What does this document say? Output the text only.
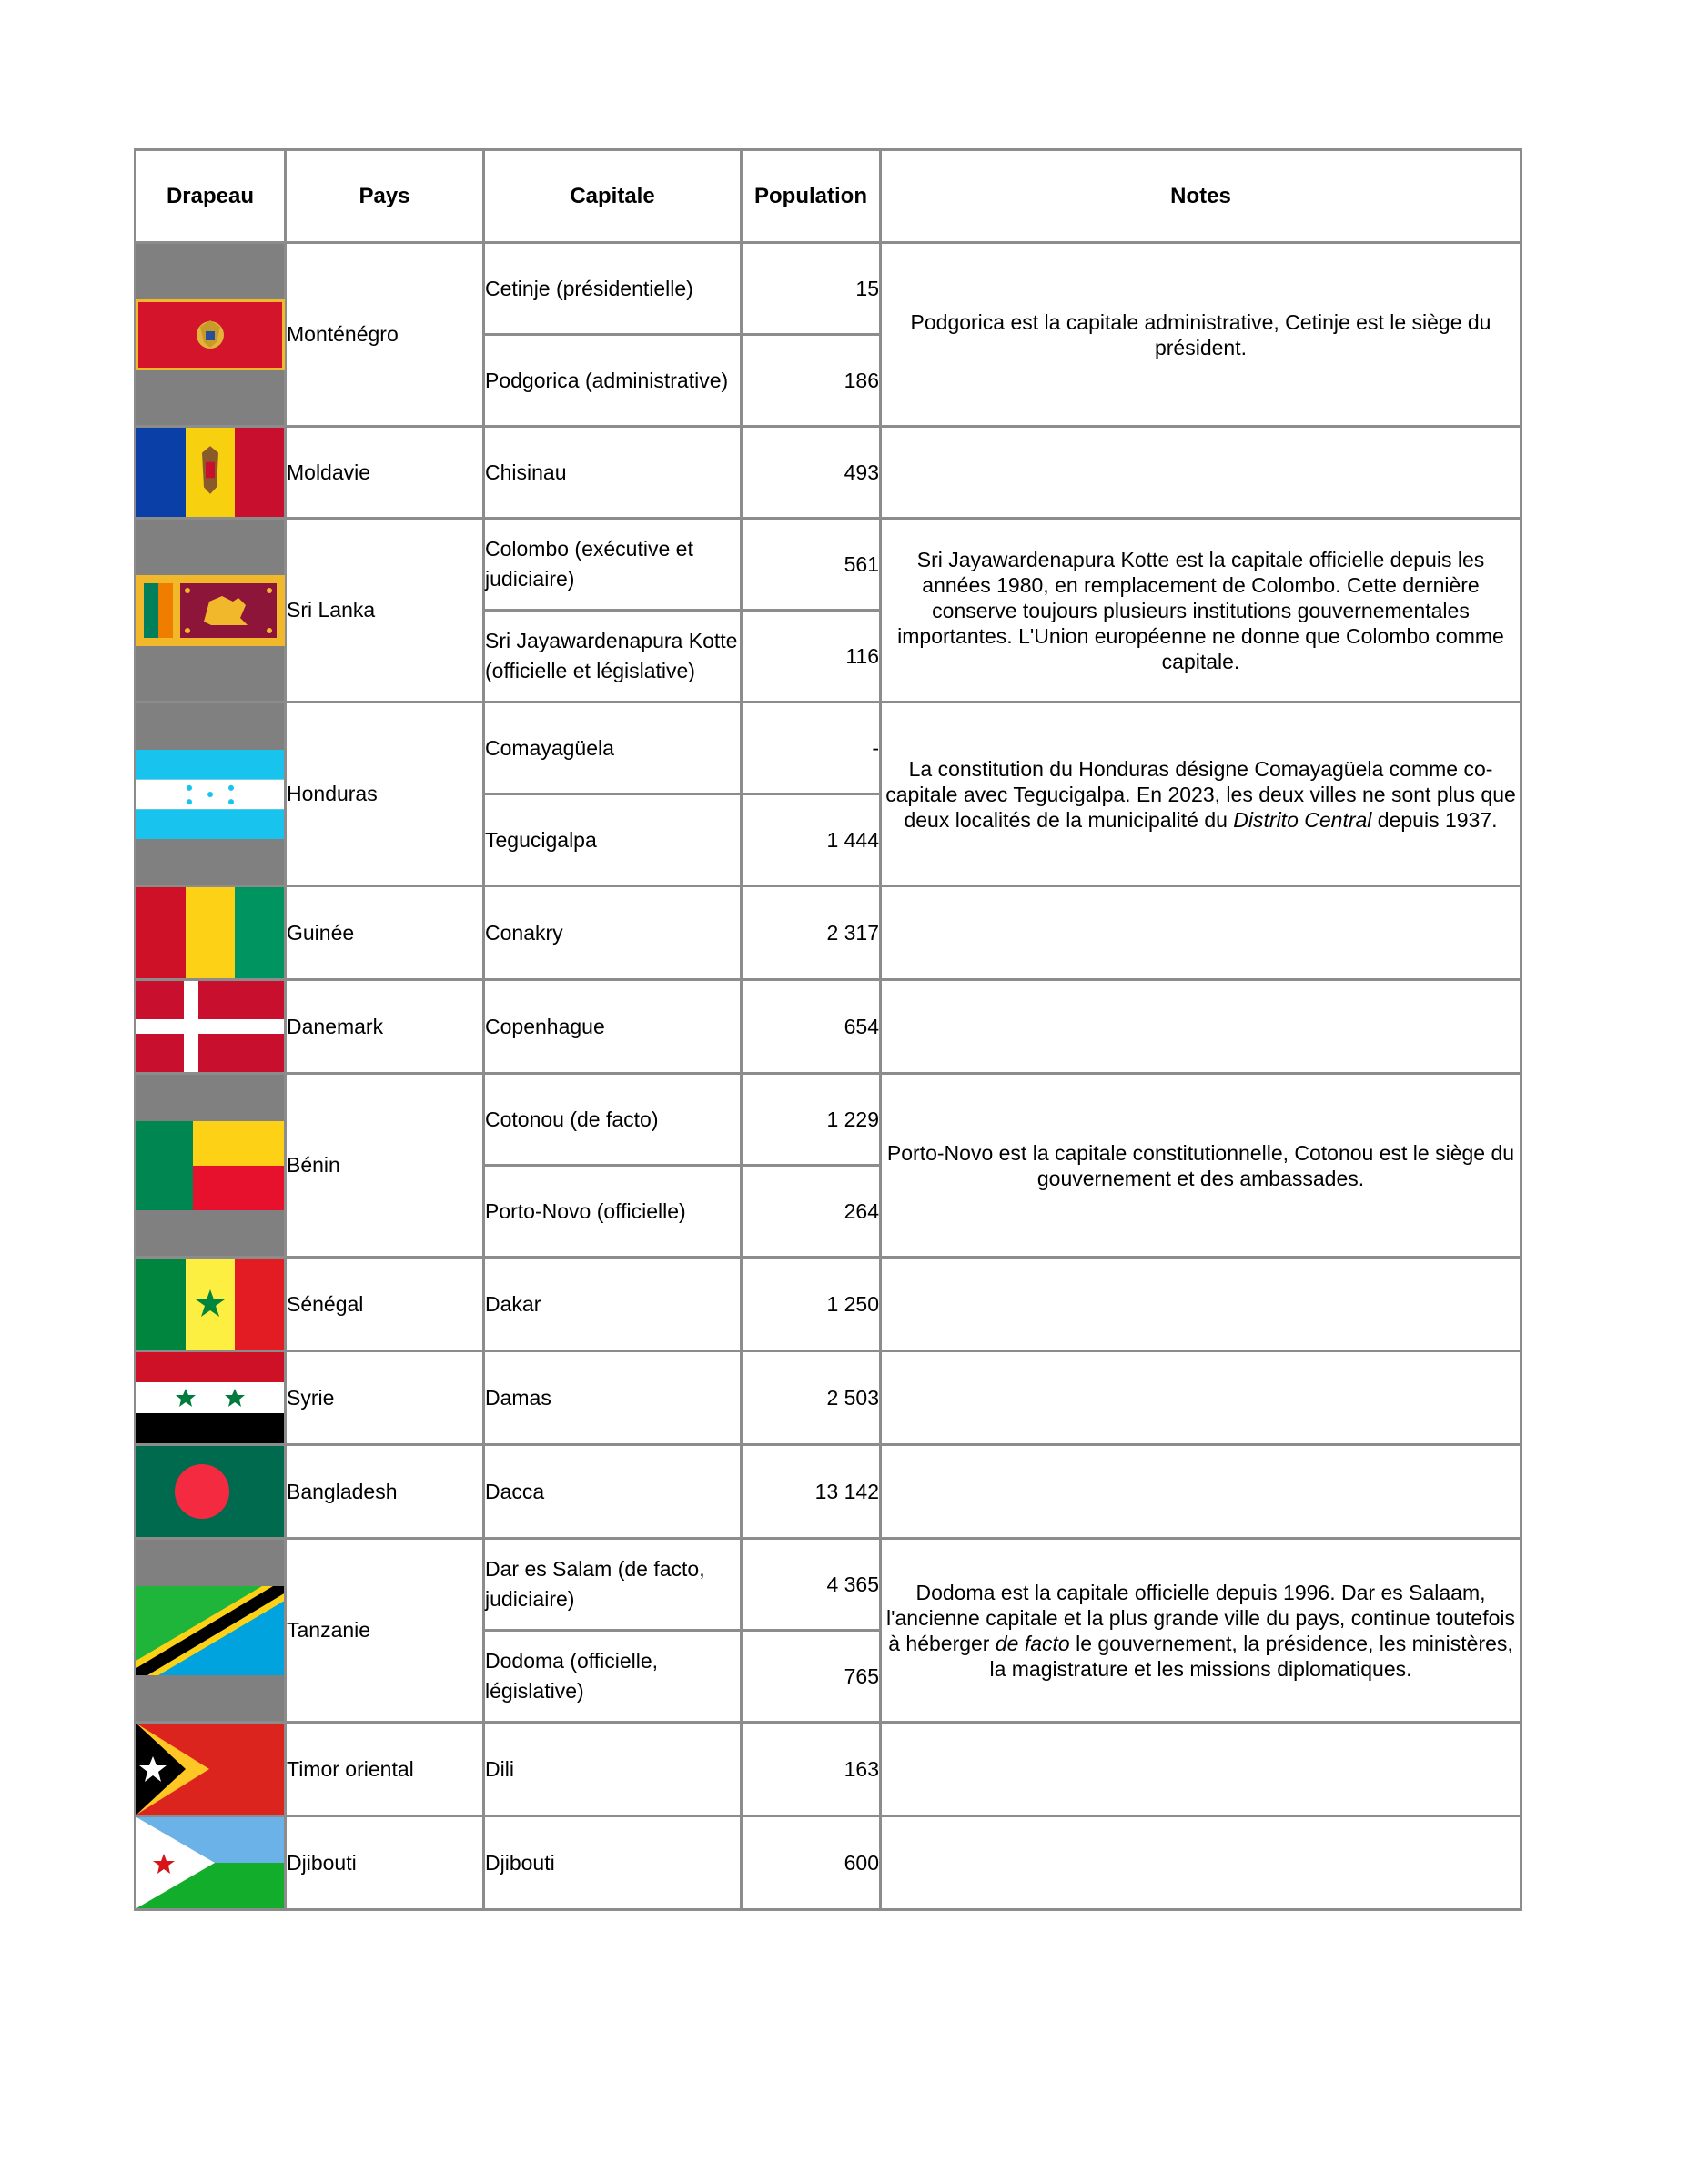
Drapeau	Pays	Capitale	Population	Notes

	Monténégro	Cetinje (présidentielle)	15	Podgorica est la capitale administrative, Cetinje est le siège du président.
		Podgorica (administrative)	186	

	Moldavie	Chisinau	493	

	Sri Lanka	Colombo (exécutive et judiciaire)	561	Sri Jayawardenapura Kotte est la capitale officielle depuis les années 1980, en remplacement de Colombo. Cette dernière conserve toujours plusieurs institutions gouvernementales importantes. L'Union européenne ne donne que Colombo comme capitale.
		Sri Jayawardenapura Kotte (officielle et législative)	116	

	Honduras	Comayagüela	-	La constitution du Honduras désigne Comayagüela comme co-capitale avec Tegucigalpa. En 2023, les deux villes ne sont plus que deux localités de la municipalité du Distrito Central depuis 1937.
		Tegucigalpa	1 444	

	Guinée	Conakry	2 317	

	Danemark	Copenhague	654	

	Bénin	Cotonou (de facto)	1 229	Porto-Novo est la capitale constitutionnelle, Cotonou est le siège du gouvernement et des ambassades.
		Porto-Novo (officielle)	264	

	Sénégal	Dakar	1 250	

	Syrie	Damas	2 503	

	Bangladesh	Dacca	13 142	

	Tanzanie	Dar es Salam (de facto, judiciaire)	4 365	Dodoma est la capitale officielle depuis 1996. Dar es Salaam, l'ancienne capitale et la plus grande ville du pays, continue toutefois à héberger de facto le gouvernement, la présidence, les ministères, la magistrature et les missions diplomatiques.
		Dodoma (officielle, législative)	765	

	Timor oriental	Dili	163	

	Djibouti	Djibouti	600	
